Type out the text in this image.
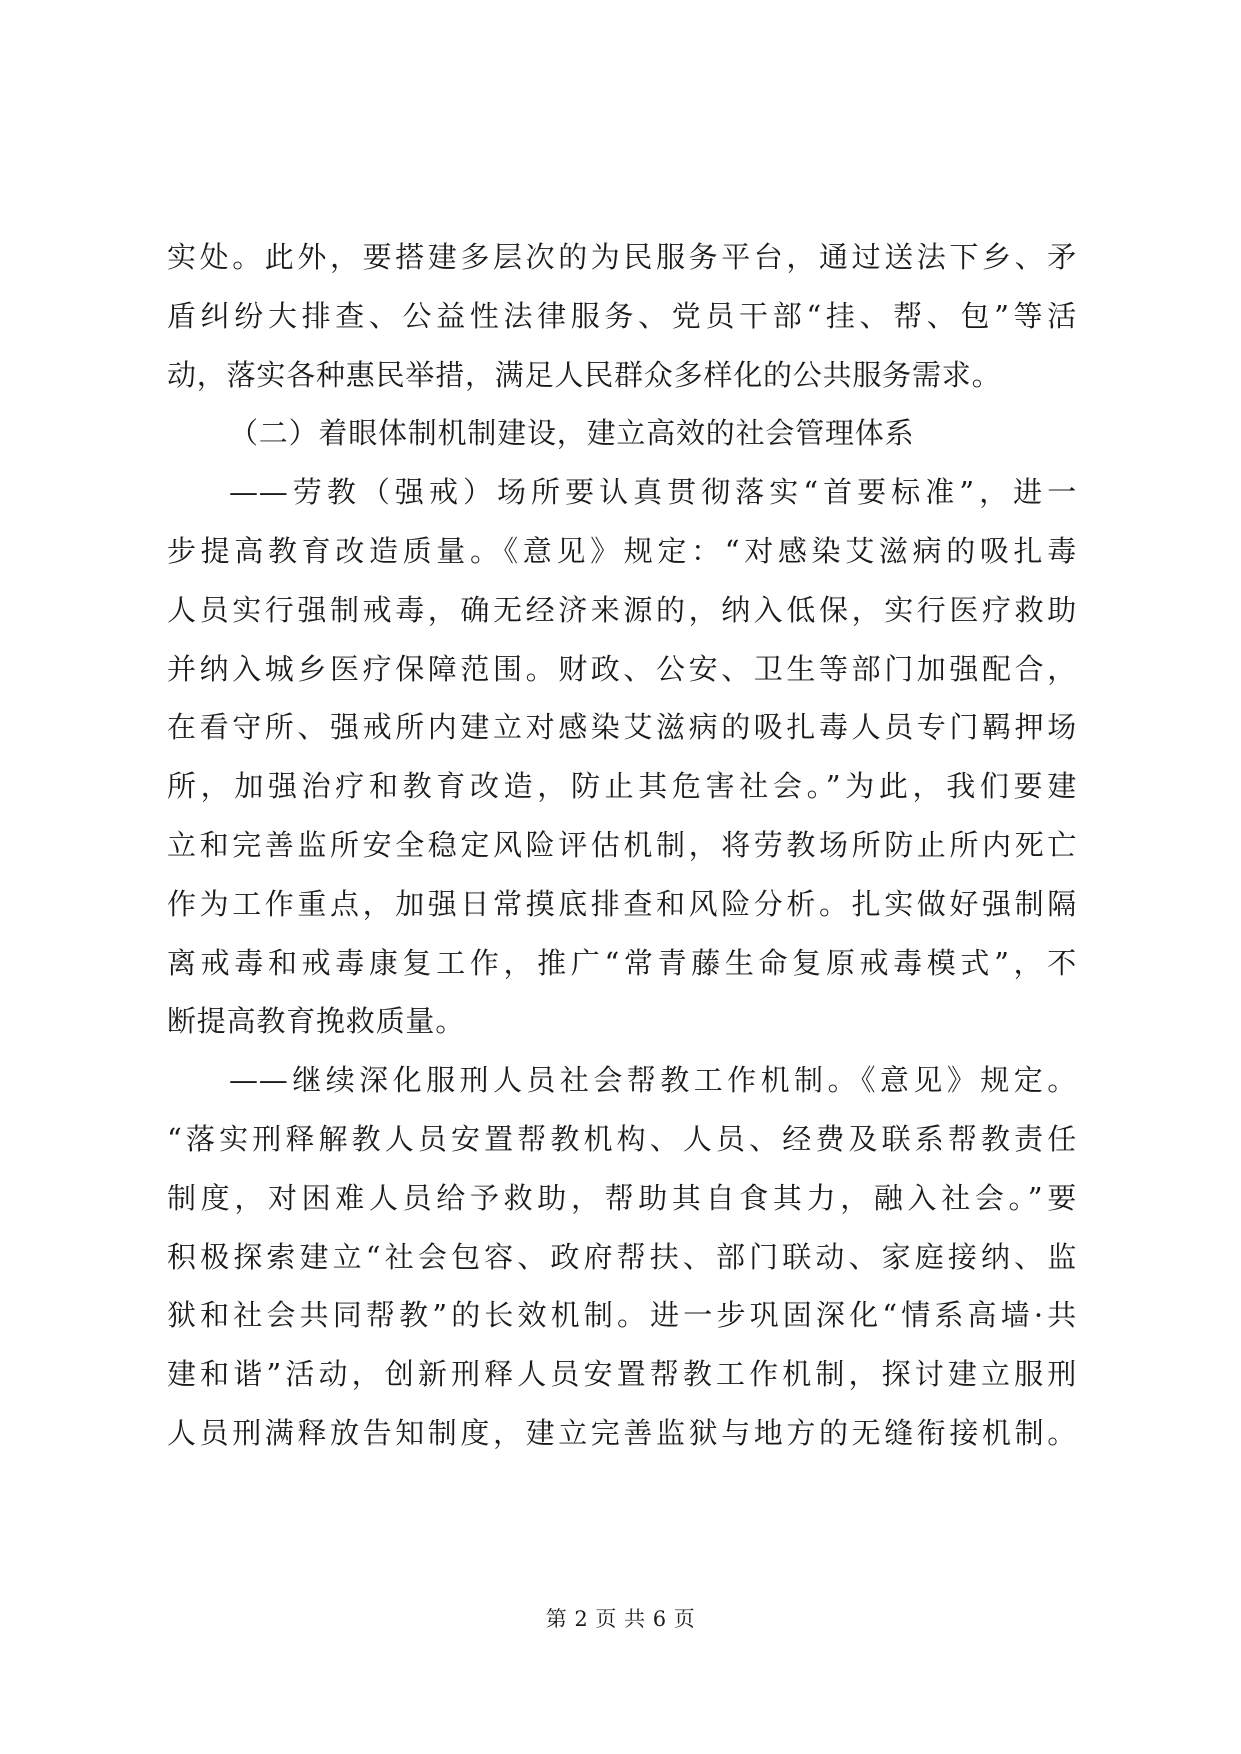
实处。此外，要搭建多层次的为民服务平台，通过送法下乡、矛
盾纠纷大排查、公益性法律服务、党员干部“挂、帮、包”等活
动，落实各种惠民举措，满足人民群众多样化的公共服务需求。
（二）着眼体制机制建设，建立高效的社会管理体系
——劳教（强戒）场所要认真贯彻落实“首要标准”，进一
步提高教育改造质量。《意见》规定：“对感染艾滋病的吸扎毒
人员实行强制戒毒，确无经济来源的，纳入低保，实行医疗救助
并纳入城乡医疗保障范围。财政、公安、卫生等部门加强配合，
在看守所、强戒所内建立对感染艾滋病的吸扎毒人员专门羁押场
所，加强治疗和教育改造，防止其危害社会。”为此，我们要建
立和完善监所安全稳定风险评估机制，将劳教场所防止所内死亡
作为工作重点，加强日常摸底排查和风险分析。扎实做好强制隔
离戒毒和戒毒康复工作，推广“常青藤生命复原戒毒模式”，不
断提高教育挽救质量。
——继续深化服刑人员社会帮教工作机制。《意见》规定。
“落实刑释解教人员安置帮教机构、人员、经费及联系帮教责任
制度，对困难人员给予救助，帮助其自食其力，融入社会。”要
积极探索建立“社会包容、政府帮扶、部门联动、家庭接纳、监
狱和社会共同帮教”的长效机制。进一步巩固深化“情系高墙·共
建和谐”活动，创新刑释人员安置帮教工作机制，探讨建立服刑
人员刑满释放告知制度，建立完善监狱与地方的无缝衔接机制。
第 2 页 共 6 页
